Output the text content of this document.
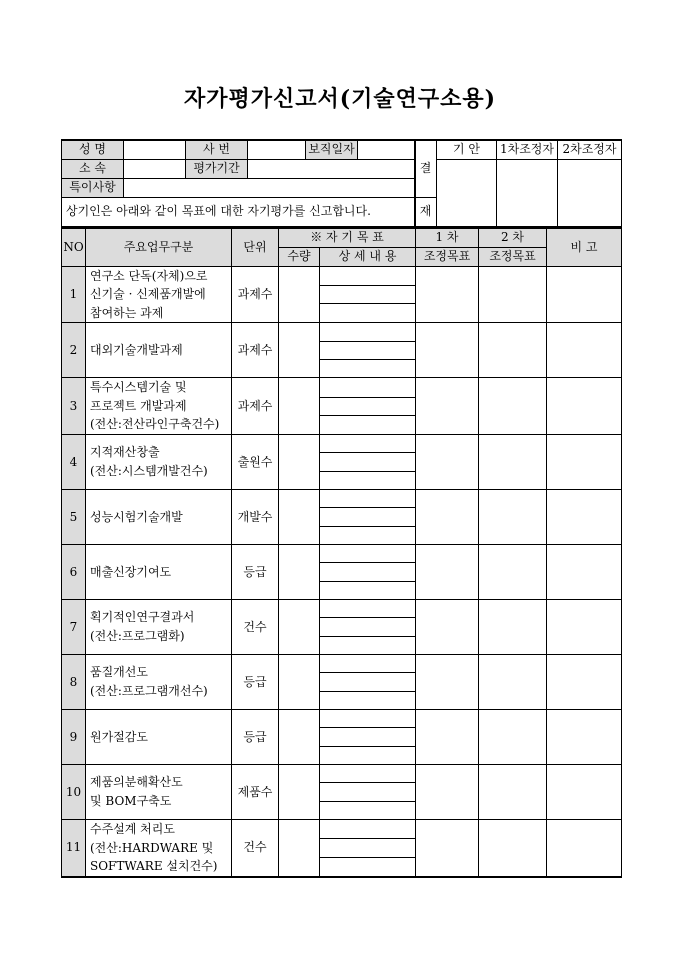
자가평가신고서(기술연구소용)
성 명		사 번		보직일자	
소 속		평가기간			
특이사항					
상기인은 아래와 같이 목표에 대한 자기평가를 신고합니다.					
결	기 안	1차조정자	2차조정자

재			
NO	주요업무구분	단위	※ 자 기 목 표		1 차	2 차	비 고
			수량	상 세 내 용	조정목표	조정목표	
1	연구소 단독(자체)으로
신기술 · 신제품개발에
참여하는 과제	과제수		

2	대외기술개발과제	과제수		

3	특수시스템기술 및
프로젝트 개발과제
(전산:전산라인구축건수)	과제수		

4	지적재산창출
(전산:시스템개발건수)	출원수		

5	성능시험기술개발	개발수		

6	매출신장기여도	등급		

7	획기적인연구결과서
(전산:프로그램화)	건수		

8	품질개선도
(전산:프로그램개선수)	등급		

9	원가절감도	등급		

10	제품의분해확산도
및 BOM구축도	제품수		

11	수주설계 처리도
(전산:HARDWARE 및
SOFTWARE 설치건수)	건수		
